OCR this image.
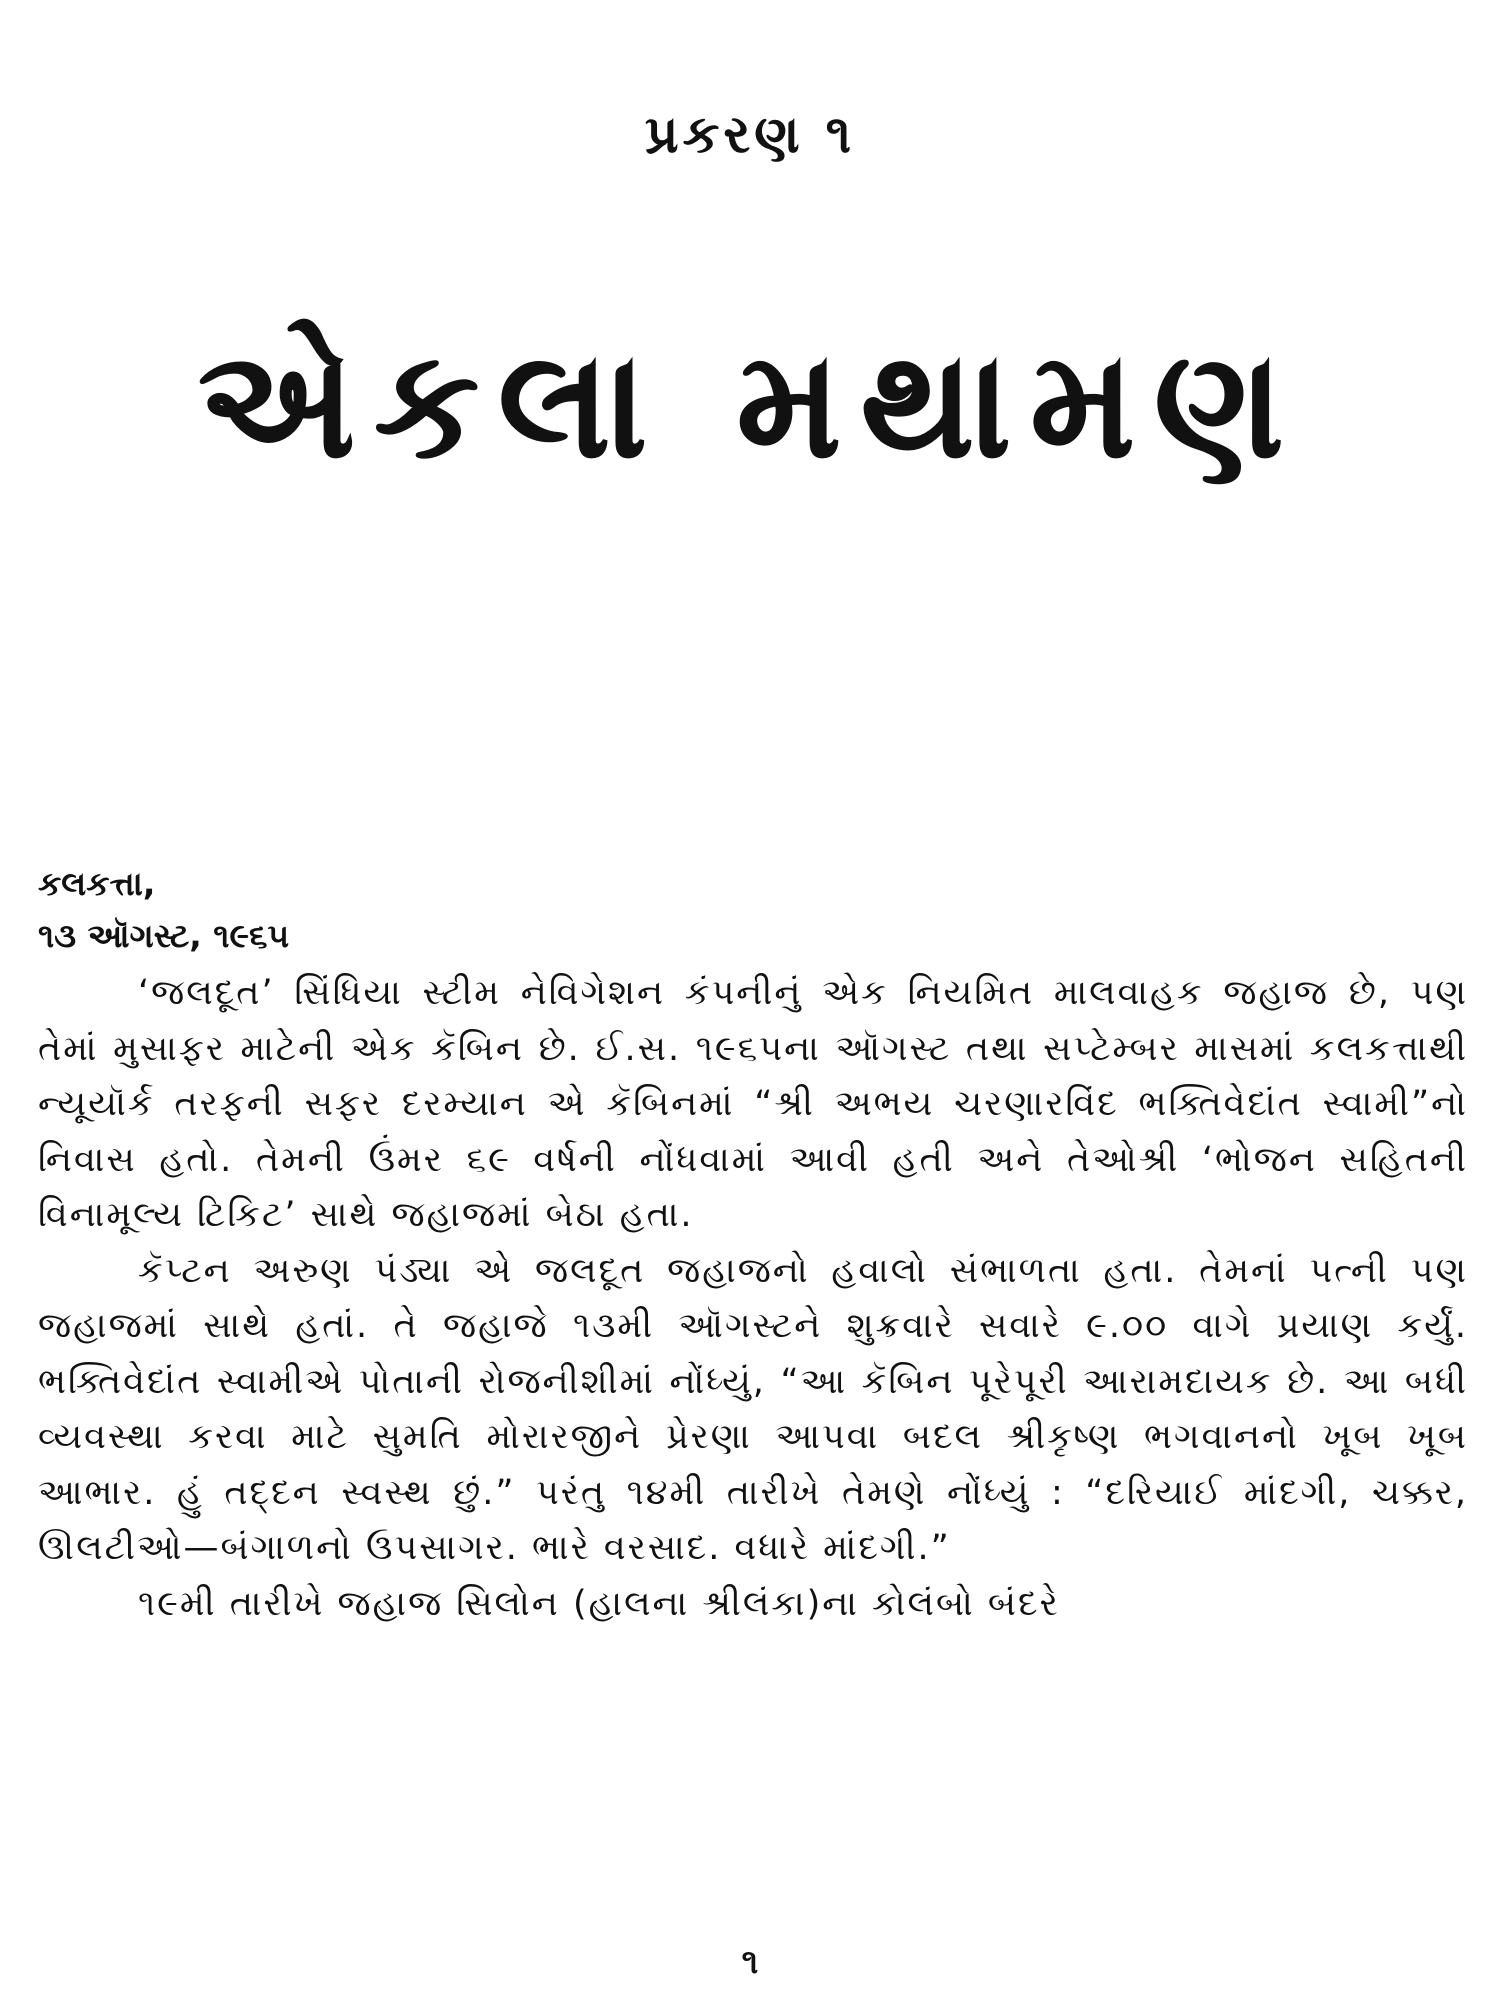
પ્રકરણ ૧
એકલા મથામણ
કલકત્તા,
૧૩ ઑગસ્ટ, ૧૯૬૫

‘જલદૂત’ સિંધિયા સ્ટીમ નેવિગેશન કંપનીનું એક નિયમિત માલવાહક જહાજ છે, પણ તેમાં મુસાફર માટેની એક કૅબિન છે. ઈ.સ. ૧૯૬૫ના ઑગસ્ટ તથા સપ્ટેમ્બર માસમાં કલકત્તાથી ન્યૂયૉર્ક તરફની સફર દરમ્યાન એ કૅબિનમાં “શ્રી અભય ચરણારવિંદ ભક્તિવેદાંત સ્વામી”નો નિવાસ હતો. તેમની ઉંમર ૬૯ વર્ષની નોંધવામાં આવી હતી અને તેઓશ્રી ‘ભોજન સહિતની વિનામૂલ્ય ટિકિટ’ સાથે જહાજમાં બેઠા હતા.

કૅપ્ટન અરુણ પંડ્યા એ જલદૂત જહાજનો હવાલો સંભાળતા હતા. તેમનાં પત્ની પણ જહાજમાં સાથે હતાં. તે જહાજે ૧૩મી ઑગસ્ટને શુક્રવારે સવારે ૯.૦૦ વાગે પ્રયાણ કર્યું. ભક્તિવેદાંત સ્વામીએ પોતાની રોજનીશીમાં નોંધ્યું, “આ કૅબિન પૂરેપૂરી આરામદાયક છે. આ બધી વ્યવસ્થા કરવા માટે સુમતિ મોરારજીને પ્રેરણા આપવા બદલ શ્રીકૃષ્ણ ભગવાનનો ખૂબ ખૂબ આભાર. હું તદ્દન સ્વસ્થ છું.” પરંતુ ૧૪મી તારીખે તેમણે નોંધ્યું : “દરિયાઈ માંદગી, ચક્કર, ઊલટીઓ—બંગાળનો ઉપસાગર. ભારે વરસાદ. વધારે માંદગી.”

૧૯મી તારીખે જહાજ સિલોન (હાલના શ્રીલંકા)ના કોલંબો બંદરે

૧
